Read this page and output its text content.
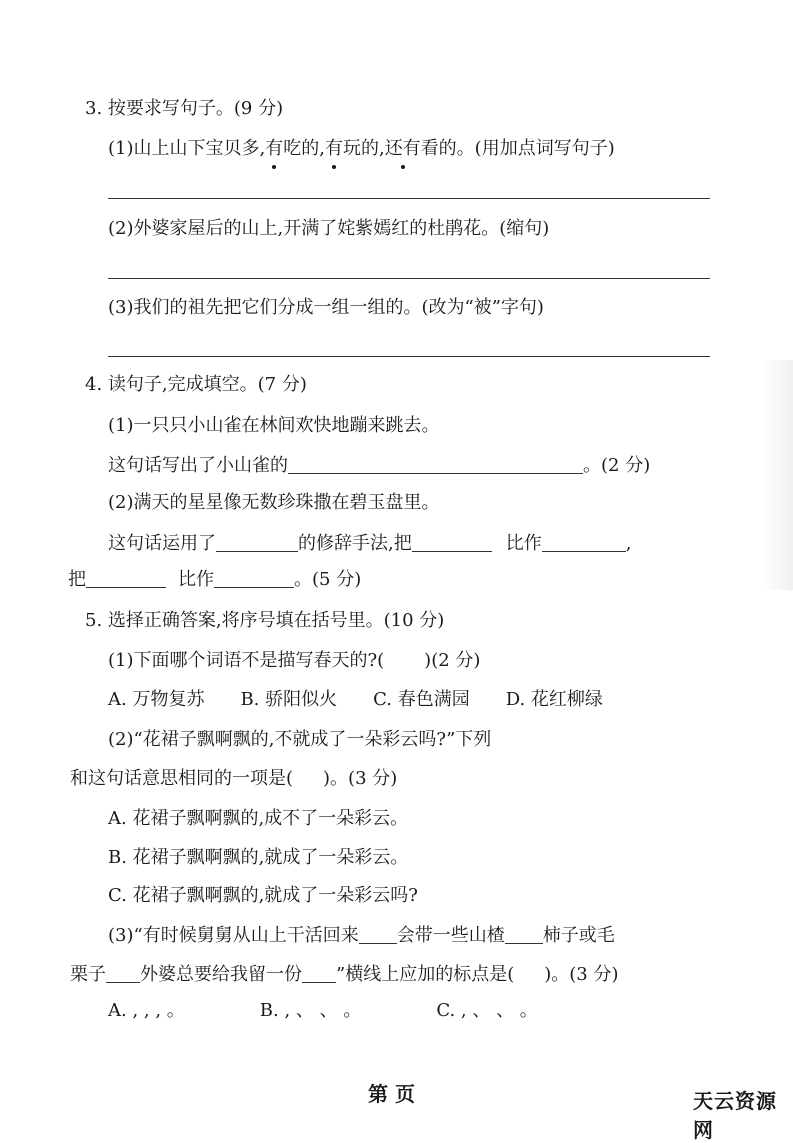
3. 按要求写句子。(9 分)
(1)山上山下宝贝多,有吃的,有玩的,还有看的。(用加点词写句子)
(2)外婆家屋后的山上,开满了姹紫嫣红的杜鹃花。(缩句)
(3)我们的祖先把它们分成一组一组的。(改为“被”字句)
4. 读句子,完成填空。(7 分)
(1)一只只小山雀在林间欢快地蹦来跳去。
这句话写出了小山雀的	。(2 分)
(2)满天的星星像无数珍珠撒在碧玉盘里。
这句话运用了	的修辞手法,把	比作	,
把	比作	。(5 分)
5. 选择正确答案,将序号填在括号里。(10 分)
(1)下面哪个词语不是描写春天的?( )(2 分)
A. 万物复苏 B. 骄阳似火 C. 春色满园 D. 花红柳绿
(2)“花裙子飘啊飘的,不就成了一朵彩云吗?”下列
和这句话意思相同的一项是( )。(3 分)
A. 花裙子飘啊飘的,成不了一朵彩云。
B. 花裙子飘啊飘的,就成了一朵彩云。
C. 花裙子飘啊飘的,就成了一朵彩云吗?
(3)“有时候舅舅从山上干活回来 会带一些山楂 柿子或毛
栗子 外婆总要给我留一份 ”横线上应加的标点是( )。(3 分)
A. , , , 。	B. , 、 、 。	C. , 、 、 。
第 页	天云资源网
